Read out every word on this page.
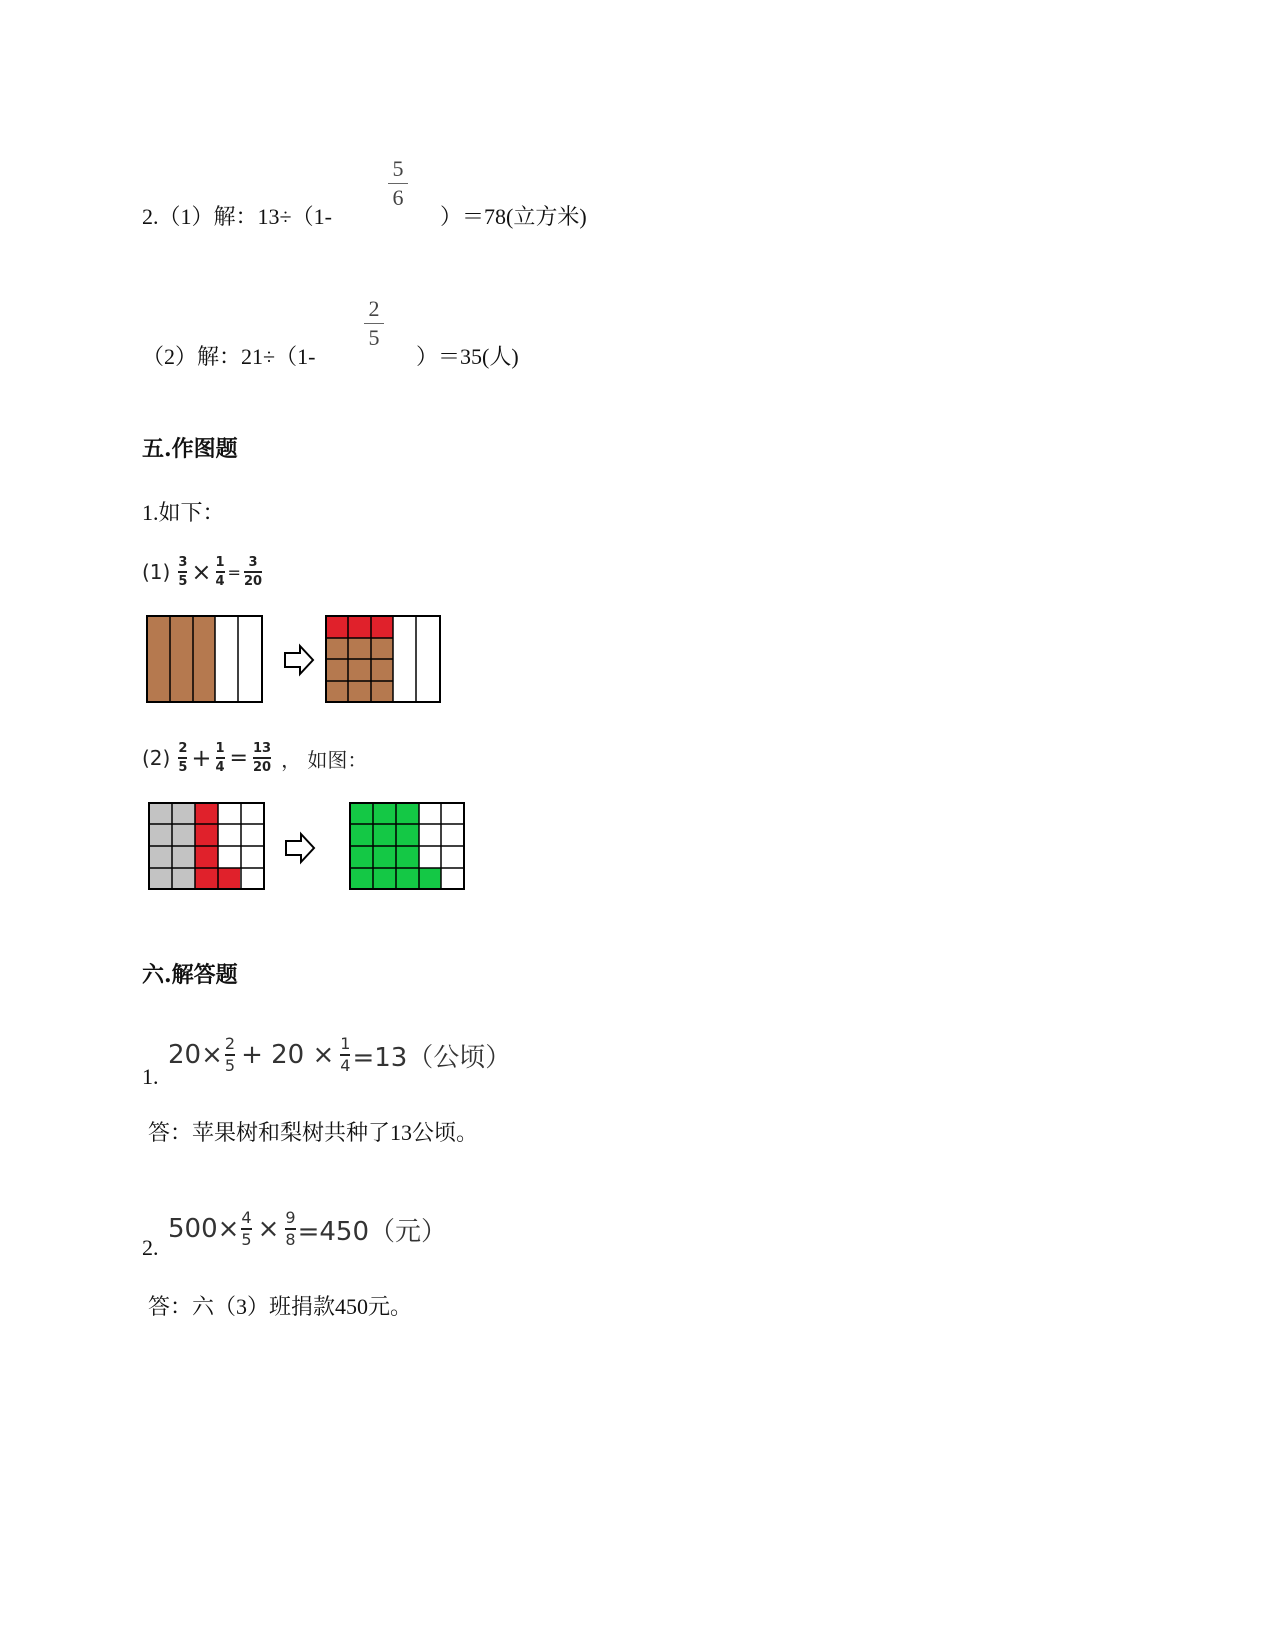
2.（1）解：13÷（1-
5
6
）＝78(立方米)
（2）解：21÷（1-
2
5
）＝35(人)
五.作图题
1.如下：
(1) 3
5 × 1
4 = 3
20
(2) 2
5 + 1
4 = 13
20 ， 如图：
六.解答题
1.
20× 2
5 + 20 × 1
4 =13（公顷）
答：苹果树和梨树共种了13公顷。
2.
500× 4
5 × 9
8 =450（元）
答：六（3）班捐款450元。
